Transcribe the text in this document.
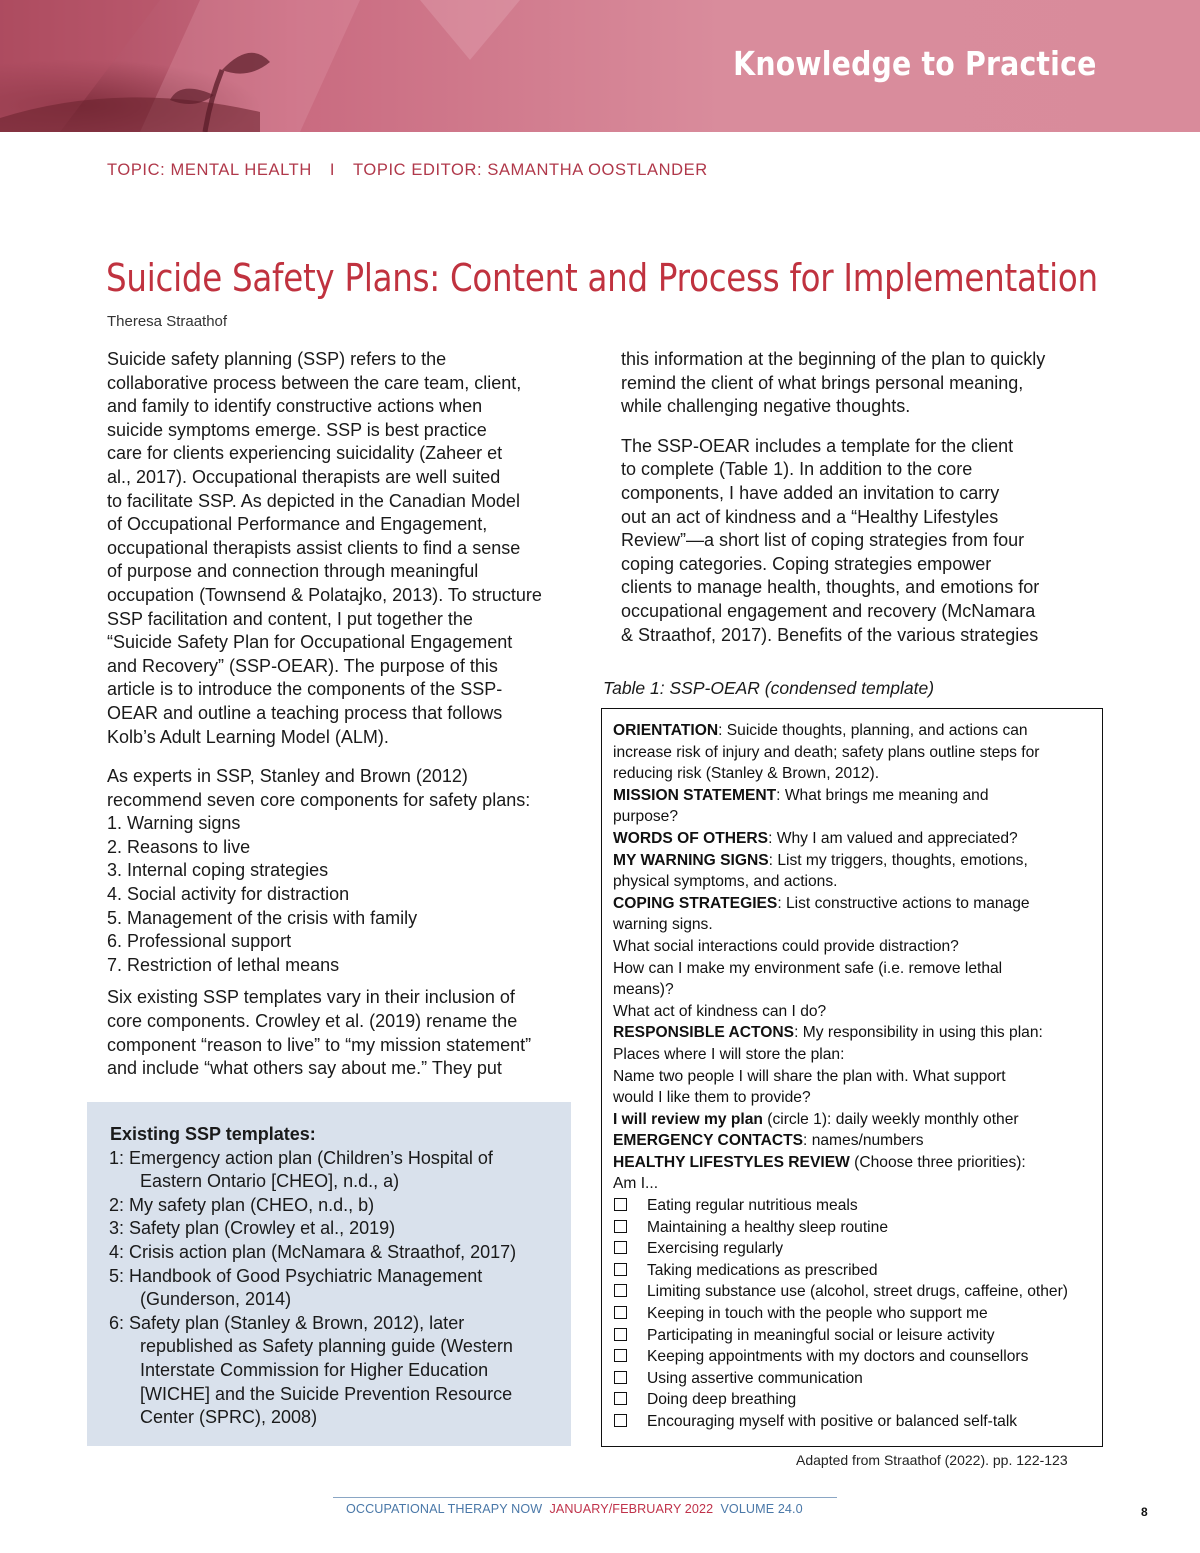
Knowledge to Practice
TOPIC: MENTAL HEALTH I TOPIC EDITOR: SAMANTHA OOSTLANDER
Suicide Safety Plans: Content and Process for Implementation
Theresa Straathof

Suicide safety planning (SSP) refers to the

collaborative process between the care team, client,

and family to identify constructive actions when

suicide symptoms emerge. SSP is best practice

care for clients experiencing suicidality (Zaheer et

al., 2017). Occupational therapists are well suited

to facilitate SSP. As depicted in the Canadian Model

of Occupational Performance and Engagement,

occupational therapists assist clients to find a sense

of purpose and connection through meaningful

occupation (Townsend & Polatajko, 2013). To structure

SSP facilitation and content, I put together the

“Suicide Safety Plan for Occupational Engagement

and Recovery” (SSP-OEAR). The purpose of this

article is to introduce the components of the SSP-

OEAR and outline a teaching process that follows

Kolb’s Adult Learning Model (ALM).

As experts in SSP, Stanley and Brown (2012)

recommend seven core components for safety plans:

1. Warning signs

2. Reasons to live

3. Internal coping strategies

4. Social activity for distraction

5. Management of the crisis with family

6. Professional support

7. Restriction of lethal means

Six existing SSP templates vary in their inclusion of

core components. Crowley et al. (2019) rename the

component “reason to live” to “my mission statement”

and include “what others say about me.” They put

Existing SSP templates:
1: Emergency action plan (Children’s Hospital of
Eastern Ontario [CHEO], n.d., a)
2: My safety plan (CHEO, n.d., b)
3: Safety plan (Crowley et al., 2019)
4: Crisis action plan (McNamara & Straathof, 2017)
5: Handbook of Good Psychiatric Management
(Gunderson, 2014)
6: Safety plan (Stanley & Brown, 2012), later
republished as Safety planning guide (Western
Interstate Commission for Higher Education
[WICHE] and the Suicide Prevention Resource
Center (SPRC), 2008)

this information at the beginning of the plan to quickly

remind the client of what brings personal meaning,

while challenging negative thoughts.

The SSP-OEAR includes a template for the client

to complete (Table 1). In addition to the core

components, I have added an invitation to carry

out an act of kindness and a “Healthy Lifestyles

Review”—a short list of coping strategies from four

coping categories. Coping strategies empower

clients to manage health, thoughts, and emotions for

occupational engagement and recovery (McNamara

& Straathof, 2017). Benefits of the various strategies

Table 1: SSP-OEAR (condensed template)
ORIENTATION: Suicide thoughts, planning, and actions can
increase risk of injury and death; safety plans outline steps for
reducing risk (Stanley & Brown, 2012).
MISSION STATEMENT: What brings me meaning and
purpose?
WORDS OF OTHERS: Why I am valued and appreciated?
MY WARNING SIGNS: List my triggers, thoughts, emotions,
physical symptoms, and actions.
COPING STRATEGIES: List constructive actions to manage
warning signs.
What social interactions could provide distraction?
How can I make my environment safe (i.e. remove lethal
means)?
What act of kindness can I do?
RESPONSIBLE ACTONS: My responsibility in using this plan:
Places where I will store the plan:
Name two people I will share the plan with. What support
would I like them to provide?
I will review my plan (circle 1): daily weekly monthly other
EMERGENCY CONTACTS: names/numbers
HEALTHY LIFESTYLES REVIEW (Choose three priorities):
Am I...
Eating regular nutritious meals
Maintaining a healthy sleep routine
Exercising regularly
Taking medications as prescribed
Limiting substance use (alcohol, street drugs, caffeine, other)
Keeping in touch with the people who support me
Participating in meaningful social or leisure activity
Keeping appointments with my doctors and counsellors
Using assertive communication
Doing deep breathing
Encouraging myself with positive or balanced self-talk
Adapted from Straathof (2022). pp. 122-123
OCCUPATIONAL THERAPY NOW JANUARY/FEBRUARY 2022 VOLUME 24.0	8
